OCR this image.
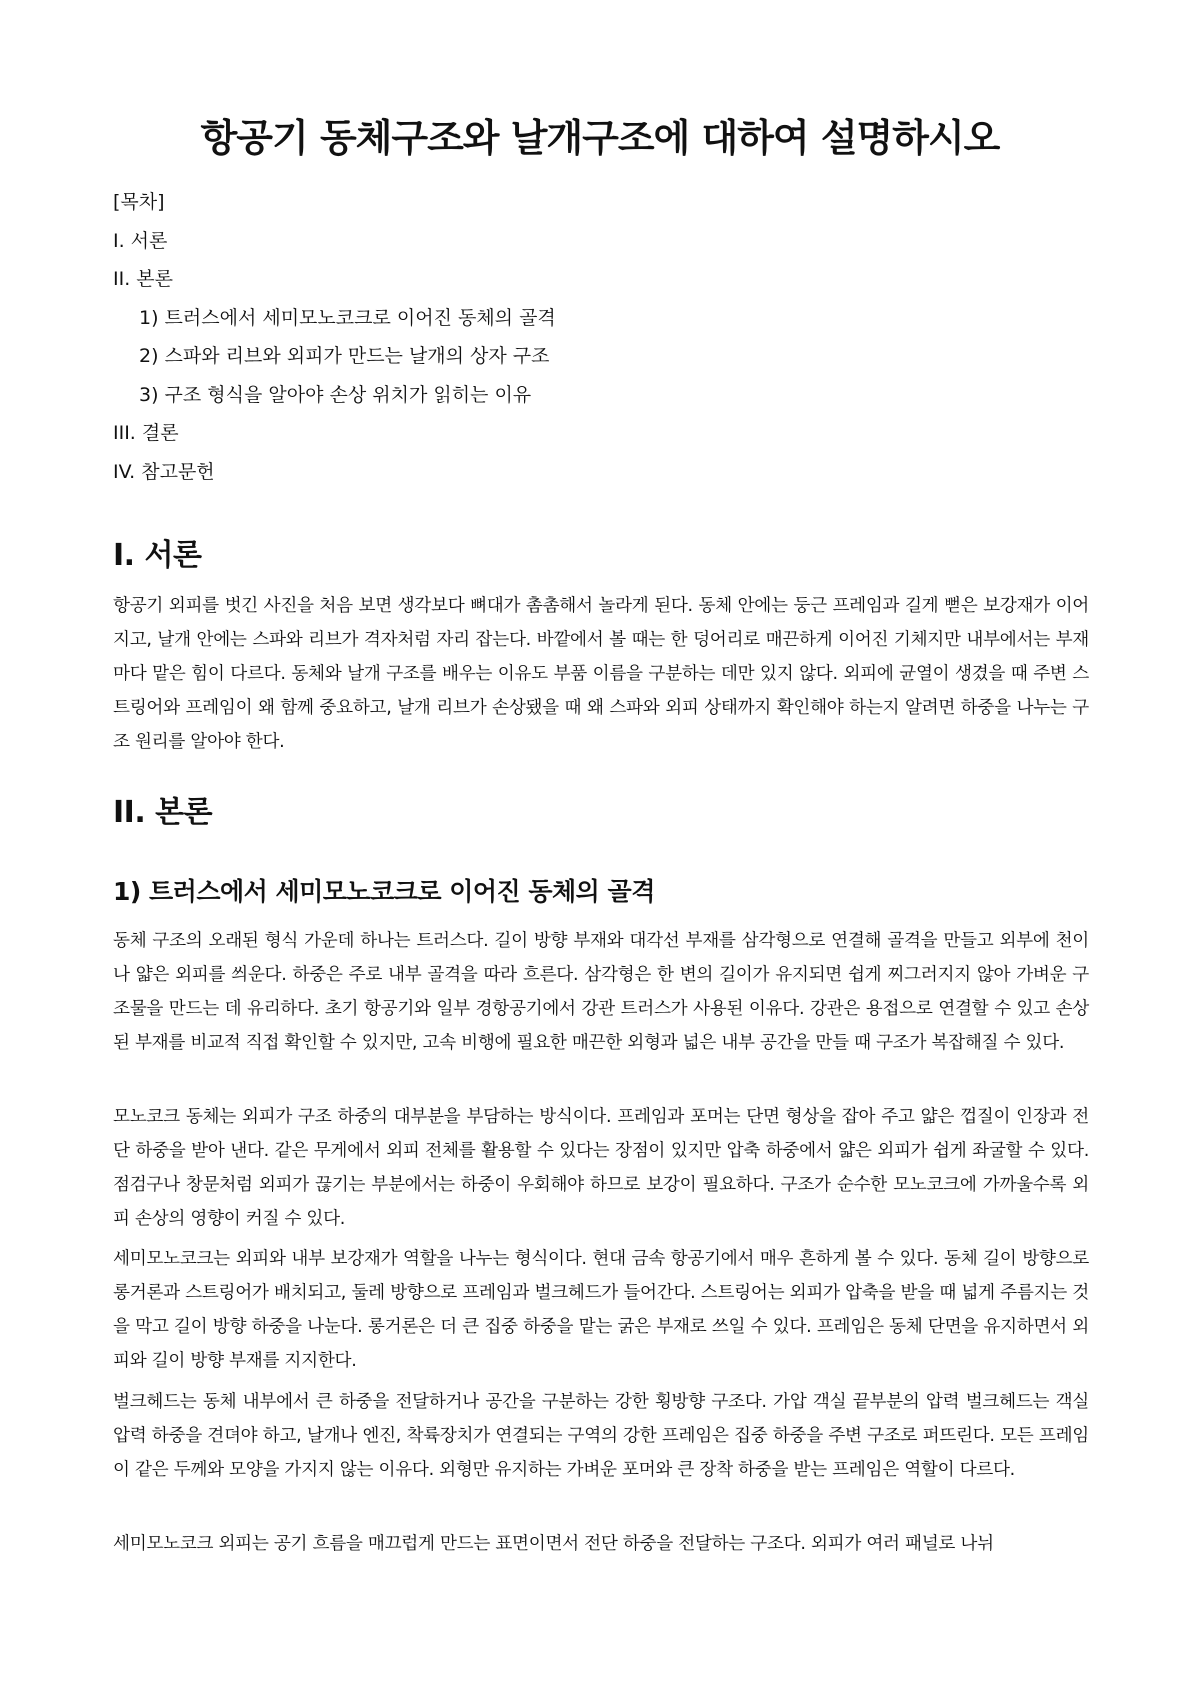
항공기 동체구조와 날개구조에 대하여 설명하시오
[목차]
I. 서론
II. 본론
1) 트러스에서 세미모노코크로 이어진 동체의 골격
2) 스파와 리브와 외피가 만드는 날개의 상자 구조
3) 구조 형식을 알아야 손상 위치가 읽히는 이유
III. 결론
IV. 참고문헌
I. 서론

항공기 외피를 벗긴 사진을 처음 보면 생각보다 뼈대가 촘촘해서 놀라게 된다. 동체 안에는 둥근 프레임과 길게 뻗은 보강재가 이어지고, 날개 안에는 스파와 리브가 격자처럼 자리 잡는다. 바깥에서 볼 때는 한 덩어리로 매끈하게 이어진 기체지만 내부에서는 부재마다 맡은 힘이 다르다. 동체와 날개 구조를 배우는 이유도 부품 이름을 구분하는 데만 있지 않다. 외피에 균열이 생겼을 때 주변 스트링어와 프레임이 왜 함께 중요하고, 날개 리브가 손상됐을 때 왜 스파와 외피 상태까지 확인해야 하는지 알려면 하중을 나누는 구조 원리를 알아야 한다.

II. 본론
1) 트러스에서 세미모노코크로 이어진 동체의 골격

동체 구조의 오래된 형식 가운데 하나는 트러스다. 길이 방향 부재와 대각선 부재를 삼각형으로 연결해 골격을 만들고 외부에 천이나 얇은 외피를 씌운다. 하중은 주로 내부 골격을 따라 흐른다. 삼각형은 한 변의 길이가 유지되면 쉽게 찌그러지지 않아 가벼운 구조물을 만드는 데 유리하다. 초기 항공기와 일부 경항공기에서 강관 트러스가 사용된 이유다. 강관은 용접으로 연결할 수 있고 손상된 부재를 비교적 직접 확인할 수 있지만, 고속 비행에 필요한 매끈한 외형과 넓은 내부 공간을 만들 때 구조가 복잡해질 수 있다.

모노코크 동체는 외피가 구조 하중의 대부분을 부담하는 방식이다. 프레임과 포머는 단면 형상을 잡아 주고 얇은 껍질이 인장과 전단 하중을 받아 낸다. 같은 무게에서 외피 전체를 활용할 수 있다는 장점이 있지만 압축 하중에서 얇은 외피가 쉽게 좌굴할 수 있다. 점검구나 창문처럼 외피가 끊기는 부분에서는 하중이 우회해야 하므로 보강이 필요하다. 구조가 순수한 모노코크에 가까울수록 외피 손상의 영향이 커질 수 있다.

세미모노코크는 외피와 내부 보강재가 역할을 나누는 형식이다. 현대 금속 항공기에서 매우 흔하게 볼 수 있다. 동체 길이 방향으로 롱거론과 스트링어가 배치되고, 둘레 방향으로 프레임과 벌크헤드가 들어간다. 스트링어는 외피가 압축을 받을 때 넓게 주름지는 것을 막고 길이 방향 하중을 나눈다. 롱거론은 더 큰 집중 하중을 맡는 굵은 부재로 쓰일 수 있다. 프레임은 동체 단면을 유지하면서 외피와 길이 방향 부재를 지지한다.

벌크헤드는 동체 내부에서 큰 하중을 전달하거나 공간을 구분하는 강한 횡방향 구조다. 가압 객실 끝부분의 압력 벌크헤드는 객실 압력 하중을 견뎌야 하고, 날개나 엔진, 착륙장치가 연결되는 구역의 강한 프레임은 집중 하중을 주변 구조로 퍼뜨린다. 모든 프레임이 같은 두께와 모양을 가지지 않는 이유다. 외형만 유지하는 가벼운 포머와 큰 장착 하중을 받는 프레임은 역할이 다르다.

세미모노코크 외피는 공기 흐름을 매끄럽게 만드는 표면이면서 전단 하중을 전달하는 구조다. 외피가 여러 패널로 나뉘
